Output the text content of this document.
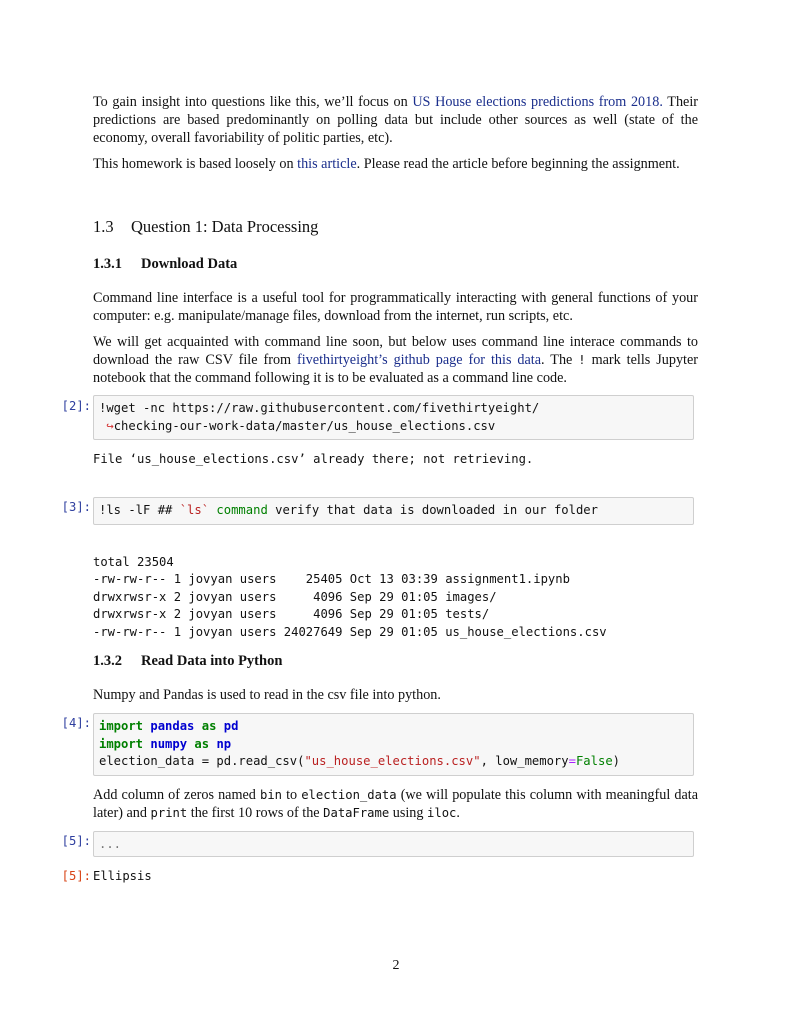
To gain insight into questions like this, we’ll focus on US House elections predictions from 2018. Their predictions are based predominantly on polling data but include other sources as well (state of the economy, overall favoriability of politic parties, etc).

This homework is based loosely on this article. Please read the article before beginning the assignment.

1.3 Question 1: Data Processing
1.3.1 Download Data

Command line interface is a useful tool for programmatically interacting with general functions of your computer: e.g. manipulate/manage files, download from the internet, run scripts, etc.

We will get acquainted with command line soon, but below uses command line interace commands to download the raw CSV file from fivethirtyeight’s github page for this data. The ! mark tells Jupyter notebook that the command following it is to be evaluated as a command line code.

[2]: !wget -nc https://raw.githubusercontent.com/fivethirtyeight/
↪checking-our-work-data/master/us_house_elections.csv
File ‘us_house_elections.csv’ already there; not retrieving.
[3]: !ls -lF ## `ls` command verify that data is downloaded in our folder

total 23504
-rw-rw-r-- 1 jovyan users    25405 Oct 13 03:39 assignment1.ipynb
drwxrwsr-x 2 jovyan users     4096 Sep 29 01:05 images/
drwxrwsr-x 2 jovyan users     4096 Sep 29 01:05 tests/
-rw-rw-r-- 1 jovyan users 24027649 Sep 29 01:05 us_house_elections.csv
1.3.2 Read Data into Python

Numpy and Pandas is used to read in the csv file into python.

[4]: import pandas as pd
import numpy as np
election_data = pd.read_csv("us_house_elections.csv", low_memory=False)

Add column of zeros named bin to election_data (we will populate this column with meaningful data later) and print the first 10 rows of the DataFrame using iloc.

[5]: ...
[5]: Ellipsis
2
